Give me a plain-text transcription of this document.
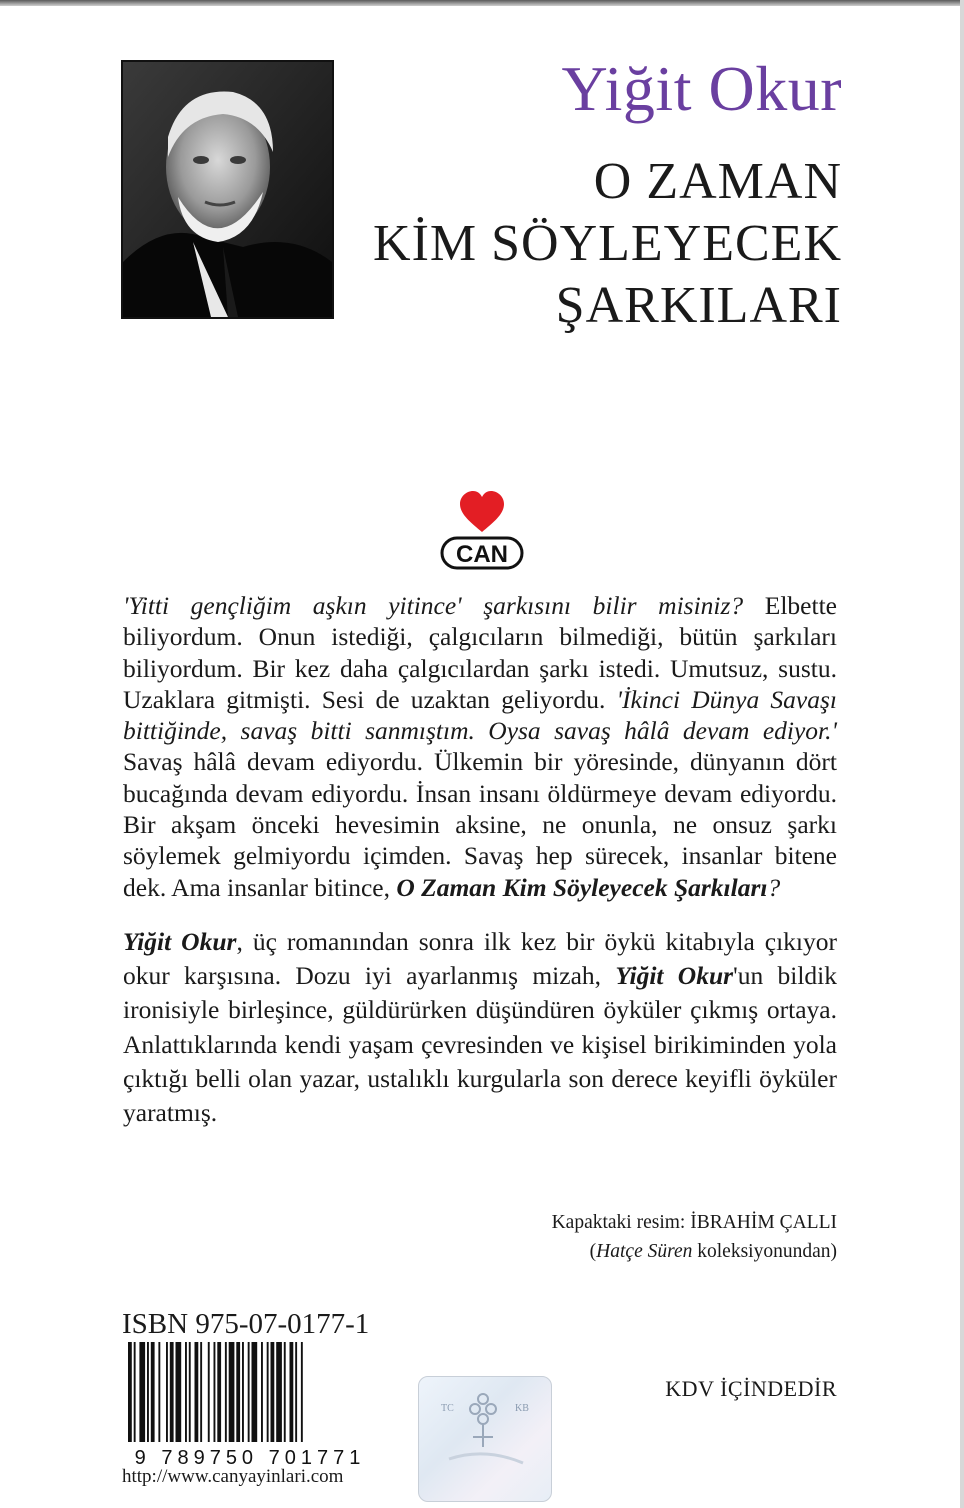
Yiğit Okur
O ZAMAN
KİM SÖYLEYECEK
ŞARKILARI
CAN

'Yitti gençliğim aşkın yitince' şarkısını bilir misiniz? Elbette biliyordum. Onun istediği, çalgıcıların bilmediği, bütün şarkıları biliyordum. Bir kez daha çalgıcılardan şarkı istedi. Umutsuz, sustu. Uzaklara gitmişti. Sesi de uzaktan geliyordu. 'İkinci Dünya Savaşı bittiğinde, savaş bitti sanmıştım. Oysa savaş hâlâ devam ediyor.' Savaş hâlâ devam ediyordu. Ülkemin bir yöresinde, dünyanın dört bucağında devam ediyordu. İnsan insanı öldürmeye devam ediyordu. Bir akşam önceki hevesimin aksine, ne onunla, ne onsuz şarkı söylemek gelmiyordu içimden. Savaş hep sürecek, insanlar bitene dek. Ama insanlar bitince, O Zaman Kim Söyleyecek Şarkıları?

Yiğit Okur, üç romanından sonra ilk kez bir öykü kitabıyla çıkıyor okur karşısına. Dozu iyi ayarlanmış mizah, Yiğit Okur'un bildik ironisiyle birleşince, güldürürken düşündüren öyküler çıkmış ortaya. Anlattıklarında kendi yaşam çevresinden ve kişisel birikiminden yola çıktığı belli olan yazar, ustalıklı kurgularla son derece keyifli öyküler yaratmış.

Kapaktaki resim: İBRAHİM ÇALLI
(Hatçe Süren koleksiyonundan)
ISBN 975-07-0177-1
9 789750 701771
http://www.canyayinlari.com
TC	KB
KDV İÇİNDEDİR
